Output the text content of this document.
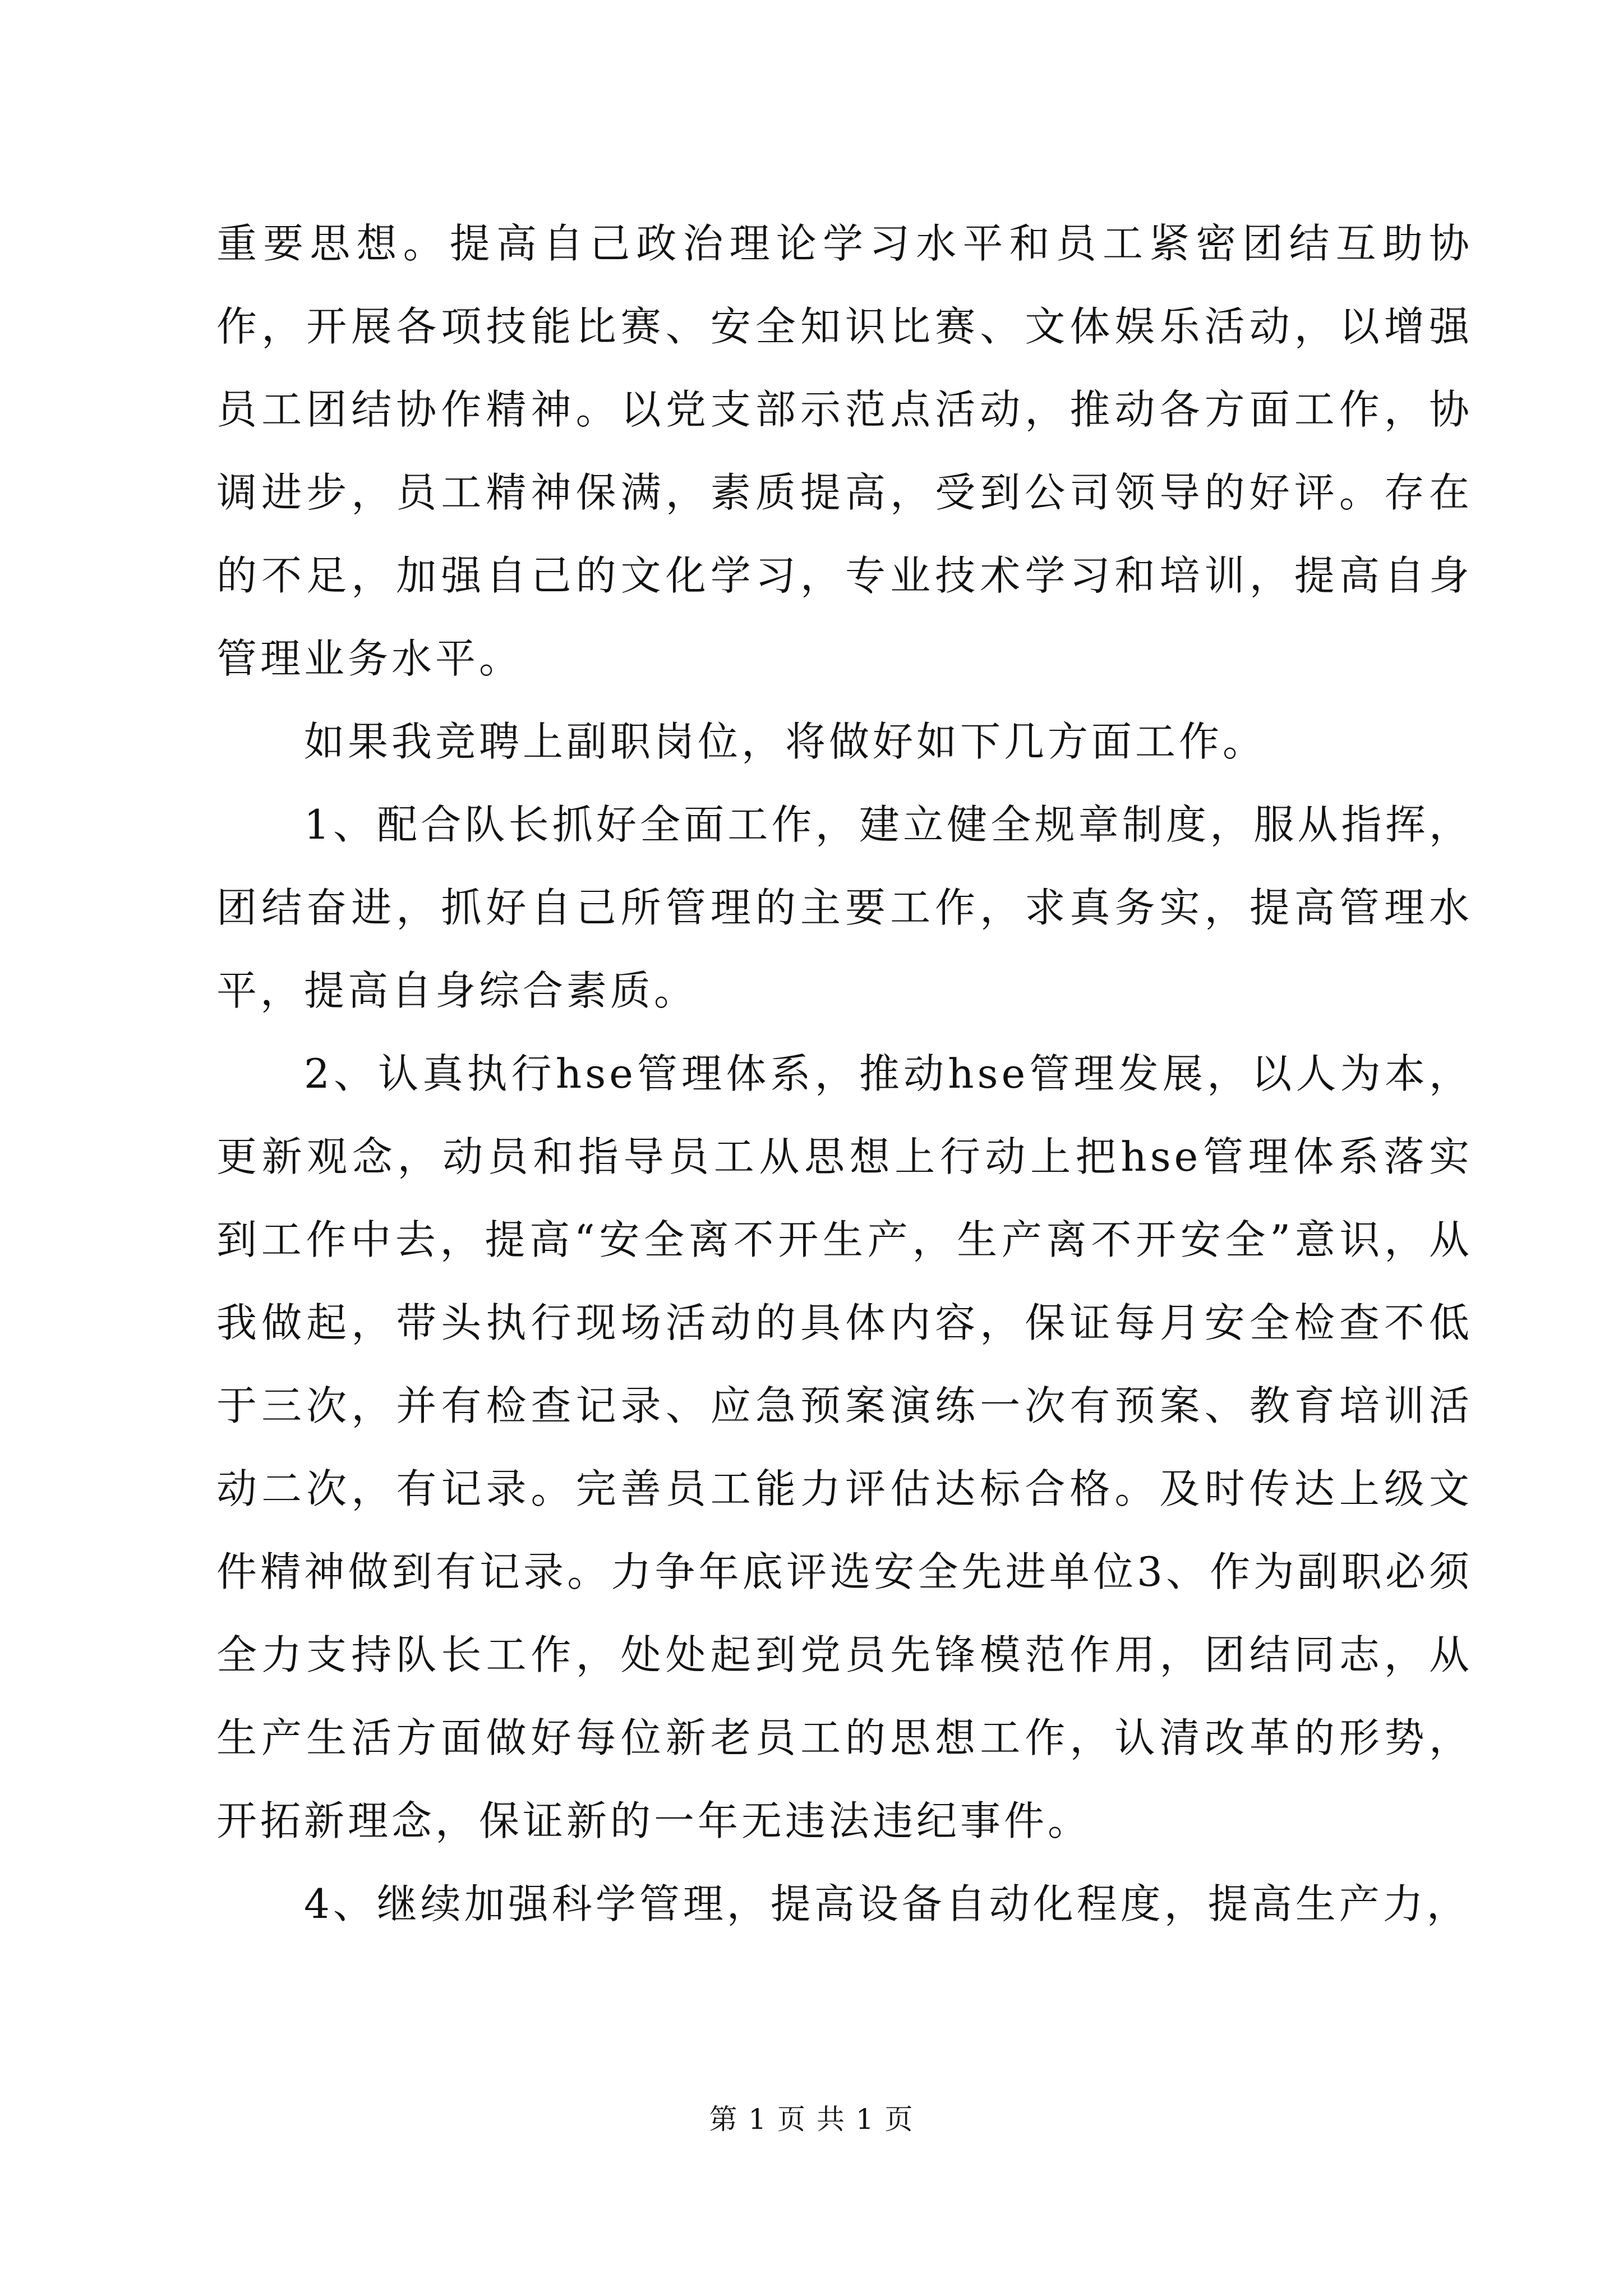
重要思想。提高自己政治理论学习水平和员工紧密团结互助协作，开展各项技能比赛、安全知识比赛、文体娱乐活动，以增强员工团结协作精神。以党支部示范点活动，推动各方面工作，协调进步，员工精神保满，素质提高，受到公司领导的好评。存在的不足，加强自己的文化学习，专业技术学习和培训，提高自身管理业务水平。

如果我竞聘上副职岗位，将做好如下几方面工作。

1、配合队长抓好全面工作，建立健全规章制度，服从指挥，团结奋进，抓好自己所管理的主要工作，求真务实，提高管理水平，提高自身综合素质。

2、认真执行hse管理体系，推动hse管理发展，以人为本，更新观念，动员和指导员工从思想上行动上把hse管理体系落实到工作中去，提高“安全离不开生产，生产离不开安全”意识，从我做起，带头执行现场活动的具体内容，保证每月安全检查不低于三次，并有检查记录、应急预案演练一次有预案、教育培训活动二次，有记录。完善员工能力评估达标合格。及时传达上级文件精神做到有记录。力争年底评选安全先进单位3、作为副职必须全力支持队长工作，处处起到党员先锋模范作用，团结同志，从生产生活方面做好每位新老员工的思想工作，认清改革的形势，开拓新理念，保证新的一年无违法违纪事件。

4、继续加强科学管理，提高设备自动化程度，提高生产力，

第 1 页 共 1 页
